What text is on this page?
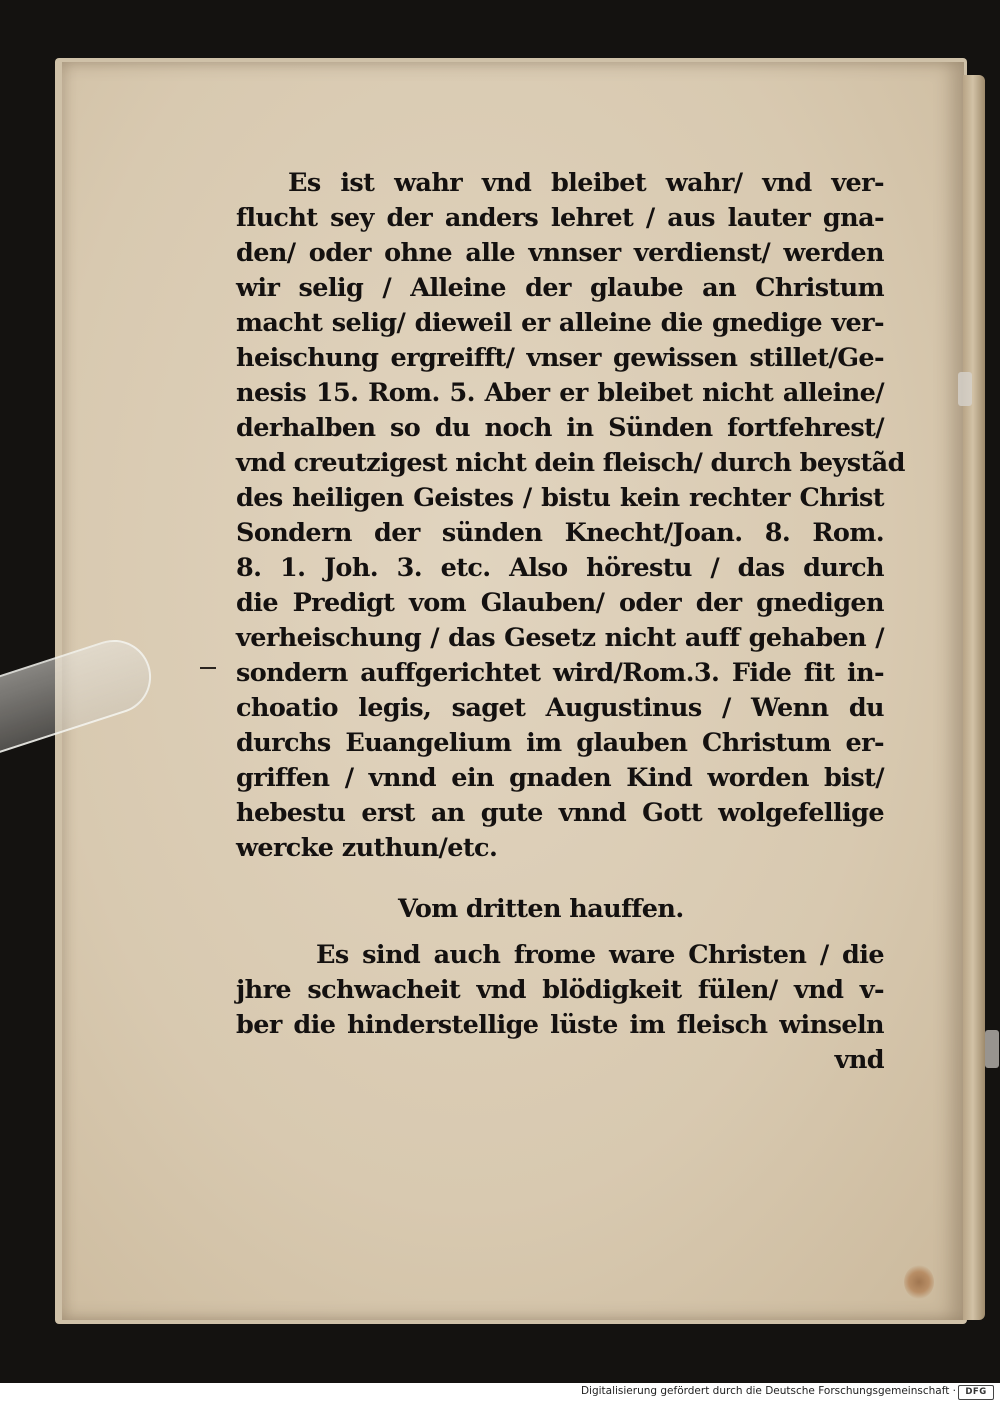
Es ist wahr vnd bleibet wahr/ vnd ver-
flucht sey der anders lehret / aus lauter gna-
den/ oder ohne alle vnnser verdienst/ werden
wir selig / Alleine der glaube an Christum
macht selig/ dieweil er alleine die gnedige ver-
heischung ergreifft/ vnser gewissen stillet/Ge-
nesis 15. Rom. 5. Aber er bleibet nicht alleine/
derhalben so du noch in Sünden fortfehrest/
vnd creutzigest nicht dein fleisch/ durch beystãd
des heiligen Geistes / bistu kein rechter Christ
Sondern der sünden Knecht/Joan. 8. Rom.
8. 1. Joh. 3. etc. Also hörestu / das durch
die Predigt vom Glauben/ oder der gnedigen
verheischung / das Gesetz nicht auff gehaben /
sondern auffgerichtet wird/Rom.3. Fide fit in-
choatio legis, saget Augustinus / Wenn du
durchs Euangelium im glauben Christum er-
griffen / vnnd ein gnaden Kind worden bist/
hebestu erst an gute vnnd Gott wolgefellige
wercke zuthun/etc.
Vom dritten hauffen.
Es sind auch frome ware Christen / die
jhre schwacheit vnd blödigkeit fülen/ vnd v-
ber die hinderstellige lüste im fleisch winseln
vnd
Digitalisierung gefördert durch die Deutsche Forschungsgemeinschaft ·	DFG
